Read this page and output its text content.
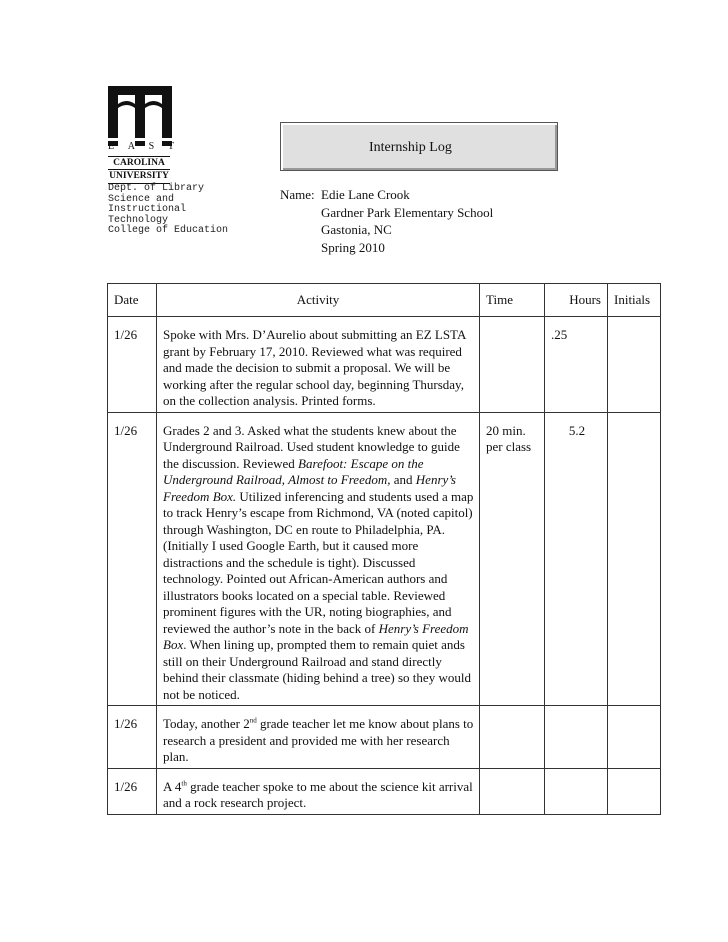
E A S T
CAROLINA
UNIVERSITY
Dept. of Library
Science and
Instructional
Technology
College of Education
Internship Log
Name: Edie Lane Crook
Gardner Park Elementary School
Gastonia, NC
Spring 2010
Date	Activity	Time	Hours	Initials
1/26	Spoke with Mrs. D’Aurelio about submitting an EZ LSTA grant by February 17, 2010. Reviewed what was required and made the decision to submit a proposal. We will be working after the regular school day, beginning Thursday, on the collection analysis. Printed forms.		.25	
1/26	Grades 2 and 3. Asked what the students knew about the Underground Railroad. Used student knowledge to guide the discussion. Reviewed Barefoot: Escape on the Underground Railroad, Almost to Freedom, and Henry’s Freedom Box. Utilized inferencing and students used a map to track Henry’s escape from Richmond, VA (noted capitol) through Washington, DC en route to Philadelphia, PA. (Initially I used Google Earth, but it caused more distractions and the schedule is tight). Discussed technology. Pointed out African-American authors and illustrators books located on a special table. Reviewed prominent figures with the UR, noting biographies, and reviewed the author’s note in the back of Henry’s Freedom Box. When lining up, prompted them to remain quiet ands still on their Underground Railroad and stand directly behind their classmate (hiding behind a tree) so they would not be noticed.	20 min. per class	5.2	
1/26	Today, another 2nd grade teacher let me know about plans to research a president and provided me with her research plan.			
1/26	A 4th grade teacher spoke to me about the science kit arrival and a rock research project.			
